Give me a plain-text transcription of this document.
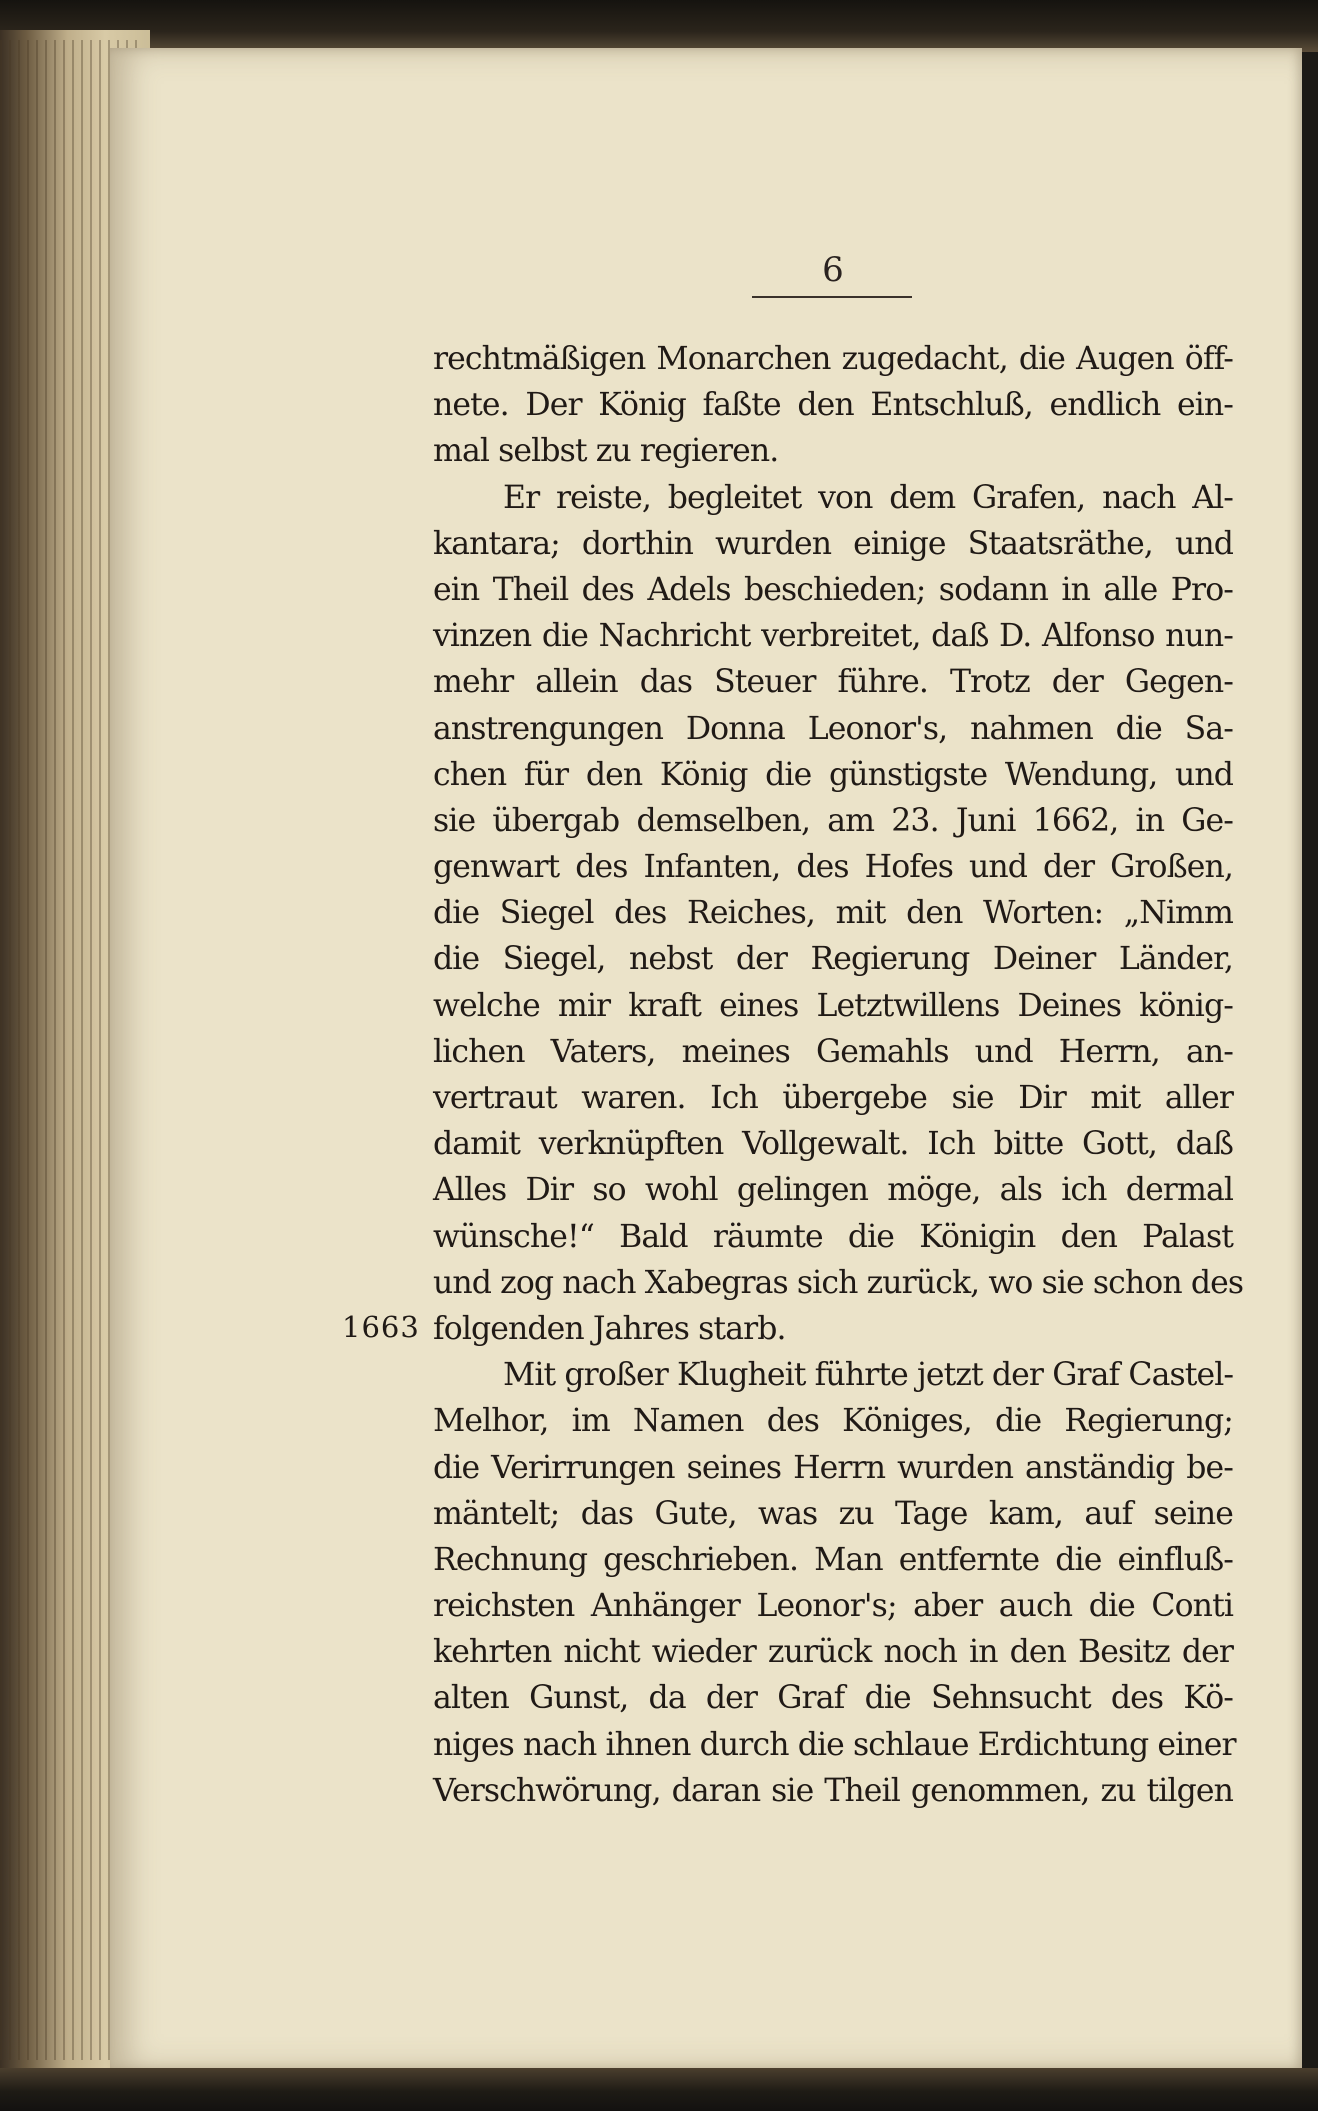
6
1663
rechtmäßigen Monarchen zugedacht, die Augen öff-
nete. Der König faßte den Entschluß, endlich ein-
mal selbst zu regieren.
Er reiste, begleitet von dem Grafen, nach Al-
kantara; dorthin wurden einige Staatsräthe, und
ein Theil des Adels beschieden; sodann in alle Pro-
vinzen die Nachricht verbreitet, daß D. Alfonso nun-
mehr allein das Steuer führe. Trotz der Gegen-
anstrengungen Donna Leonor's, nahmen die Sa-
chen für den König die günstigste Wendung, und
sie übergab demselben, am 23. Juni 1662, in Ge-
genwart des Infanten, des Hofes und der Großen,
die Siegel des Reiches, mit den Worten: „Nimm
die Siegel, nebst der Regierung Deiner Länder,
welche mir kraft eines Letztwillens Deines könig-
lichen Vaters, meines Gemahls und Herrn, an-
vertraut waren. Ich übergebe sie Dir mit aller
damit verknüpften Vollgewalt. Ich bitte Gott, daß
Alles Dir so wohl gelingen möge, als ich dermal
wünsche!“ Bald räumte die Königin den Palast
und zog nach Xabegras sich zurück, wo sie schon des
folgenden Jahres starb.
Mit großer Klugheit führte jetzt der Graf Castel-
Melhor, im Namen des Königes, die Regierung;
die Verirrungen seines Herrn wurden anständig be-
mäntelt; das Gute, was zu Tage kam, auf seine
Rechnung geschrieben. Man entfernte die einfluß-
reichsten Anhänger Leonor's; aber auch die Conti
kehrten nicht wieder zurück noch in den Besitz der
alten Gunst, da der Graf die Sehnsucht des Kö-
niges nach ihnen durch die schlaue Erdichtung einer
Verschwörung, daran sie Theil genommen, zu tilgen
